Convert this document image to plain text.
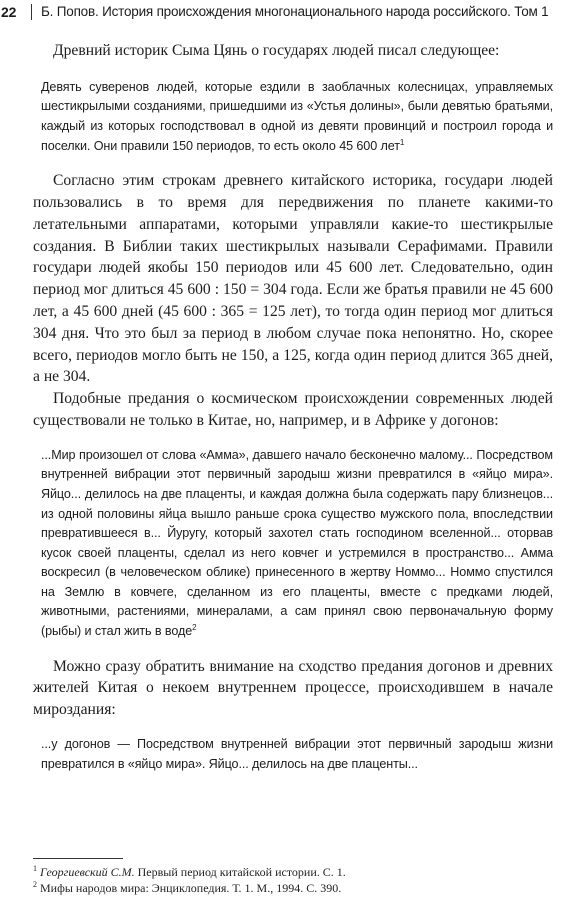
22 Б. Попов. История происхождения многонационального народа российского. Том 1

Древний историк Сыма Цянь о государях людей писал следующее:

Девять суверенов людей, которые ездили в заоблачных колесницах, управляемых шестикрылыми созданиями, пришедшими из «Устья долины», были девятью братьями, каждый из которых господствовал в одной из девяти провинций и построил города и поселки. Они правили 150 периодов, то есть около 45 600 лет$^1$

Согласно этим строкам древнего китайского историка, государи людей пользовались в то время для передвижения по планете какими-то летательными аппаратами, которыми управляли какие-то шестикрылые создания. В Библии таких шестикрылых называли Серафимами. Правили государи людей якобы 150 периодов или 45 600 лет. Следовательно, один период мог длиться 45 600 : 150 = 304 года. Если же братья правили не 45 600 лет, а 45 600 дней (45 600 : 365 = 125 лет), то тогда один период мог длиться 304 дня. Что это был за период в любом случае пока непонятно. Но, скорее всего, периодов могло быть не 150, а 125, когда один период длится 365 дней, а не 304.

Подобные предания о космическом происхождении современных людей существовали не только в Китае, но, например, и в Африке у догонов:

...Мир произошел от слова «Амма», давшего начало бесконечно малому... Посредством внутренней вибрации этот первичный зародыш жизни превратился в «яйцо мира». Яйцо... делилось на две плаценты, и каждая должна была содержать пару близнецов... из одной половины яйца вышло раньше срока существо мужского пола, впоследствии превратившееся в... Йуругу, который захотел стать господином вселенной... оторвав кусок своей плаценты, сделал из него ковчег и устремился в пространство... Амма воскресил (в человеческом облике) принесенного в жертву Номмо... Номмо спустился на Землю в ковчеге, сделанном из его плаценты, вместе с предками людей, животными, растениями, минералами, а сам принял свою первоначальную форму (рыбы) и стал жить в воде$^2$

Можно сразу обратить внимание на сходство предания догонов и древних жителей Китая о некоем внутреннем процессе, происходившем в начале мироздания:

...у догонов — Посредством внутренней вибрации этот первичный зародыш жизни превратился в «яйцо мира». Яйцо... делилось на две плаценты...

$^1$ Георгиевский С.М. Первый период китайской истории. С. 1.

$^2$ Мифы народов мира: Энциклопедия. Т. 1. М., 1994. С. 390.
